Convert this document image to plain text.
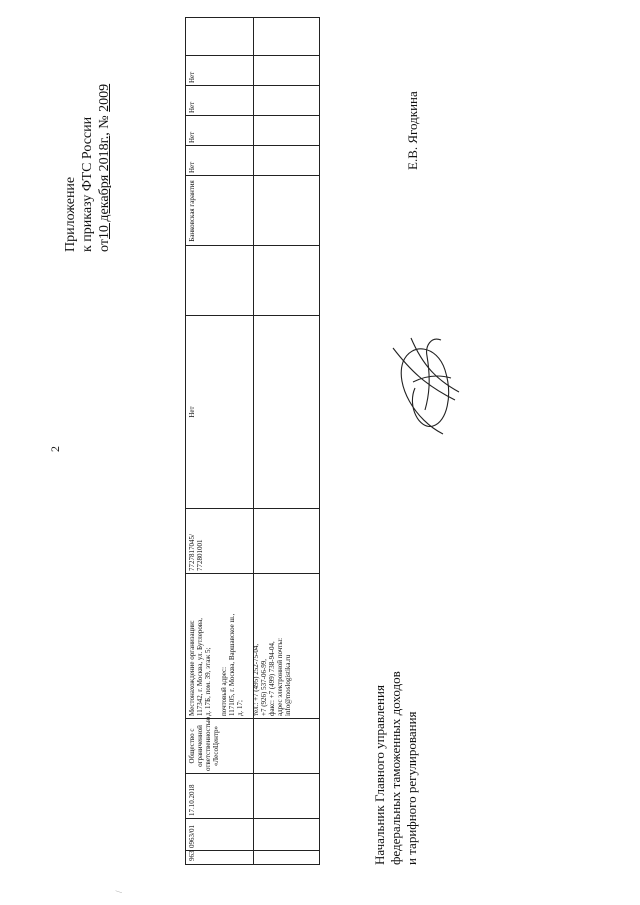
2
Приложение к приказу ФТС России от10 декабря 2018г., № 2009
963
0963/01
17.10.2018
Общество с ограниченной ответственностью «ЛесоЦентр»
Местонахождение организации: 117342, г. Москва, ул. Бутлерова, д. 17Б, пом. 39, этаж 5;
почтовый адрес: 117105, г. Москва, Варшавское ш., д. 17;
тел.: +7 (495) 252-75-04, +7 (926) 537-06-99, факс: +7 (499) 738-94-04, адрес электронной почты: info@moslogistika.ru
7727817045/ 772801001
Нет
Банковская гарантия
Нет
Нет
Нет
Нет
Начальник Главного управления федеральных таможенных доходов и тарифного регулирования
Е.В. Ягодкина
/
